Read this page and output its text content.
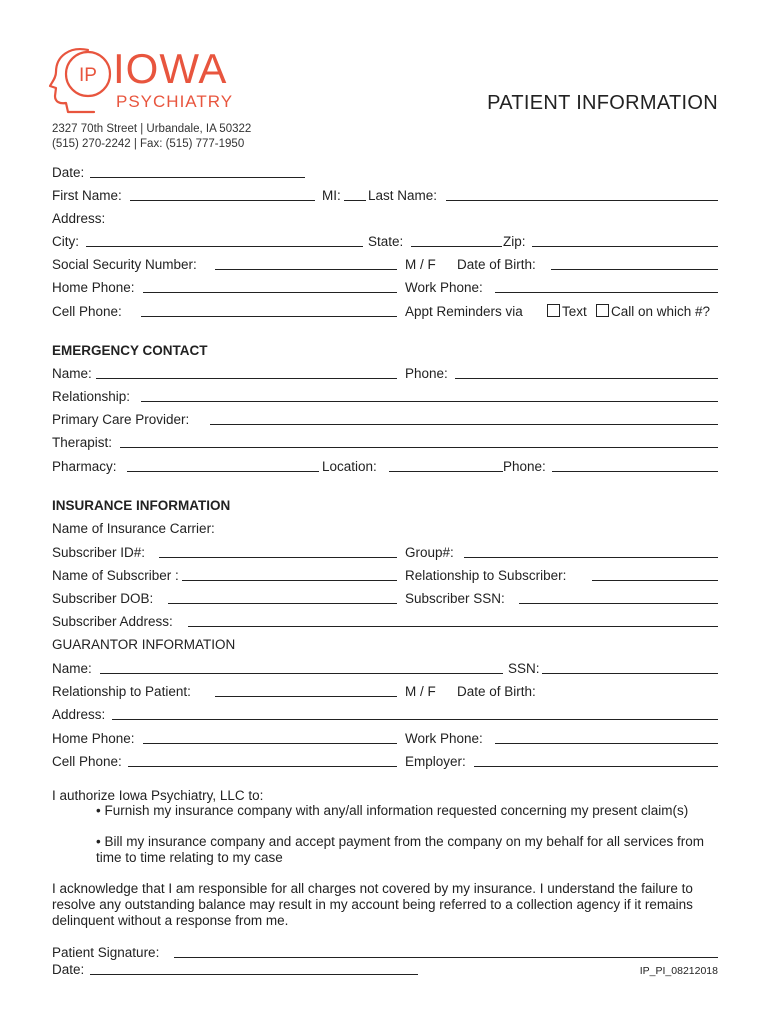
IP IOWA
PSYCHIATRY	PATIENT INFORMATION
2327 70th Street | Urbandale, IA 50322
(515) 270-2242 | Fax: (515) 777-1950
Date:
First Name:	MI: Last Name:
Address:
City:	State:	Zip:
Social Security Number:	M / F Date of Birth:
Home Phone:	Work Phone:
Cell Phone:	Appt Reminders via	Text	Call on which #?
EMERGENCY CONTACT
Name:	Phone:
Relationship:
Primary Care Provider:
Therapist:
Pharmacy:	Location:	Phone:
INSURANCE INFORMATION
Name of Insurance Carrier:
Subscriber ID#:	Group#:
Name of Subscriber :	Relationship to Subscriber:
Subscriber DOB:	Subscriber SSN:
Subscriber Address:
GUARANTOR INFORMATION
Name:	SSN:
Relationship to Patient:	M / F Date of Birth:
Address:
Home Phone:	Work Phone:
Cell Phone:	Employer:
I authorize Iowa Psychiatry, LLC to:
• Furnish my insurance company with any/all information requested concerning my present claim(s)
• Bill my insurance company and accept payment from the company on my behalf for all services from time to time relating to my case
I acknowledge that I am responsible for all charges not covered by my insurance. I understand the failure to resolve any outstanding balance may result in my account being referred to a collection agency if it remains delinquent without a response from me.
Patient Signature:
Date:	IP_PI_08212018
